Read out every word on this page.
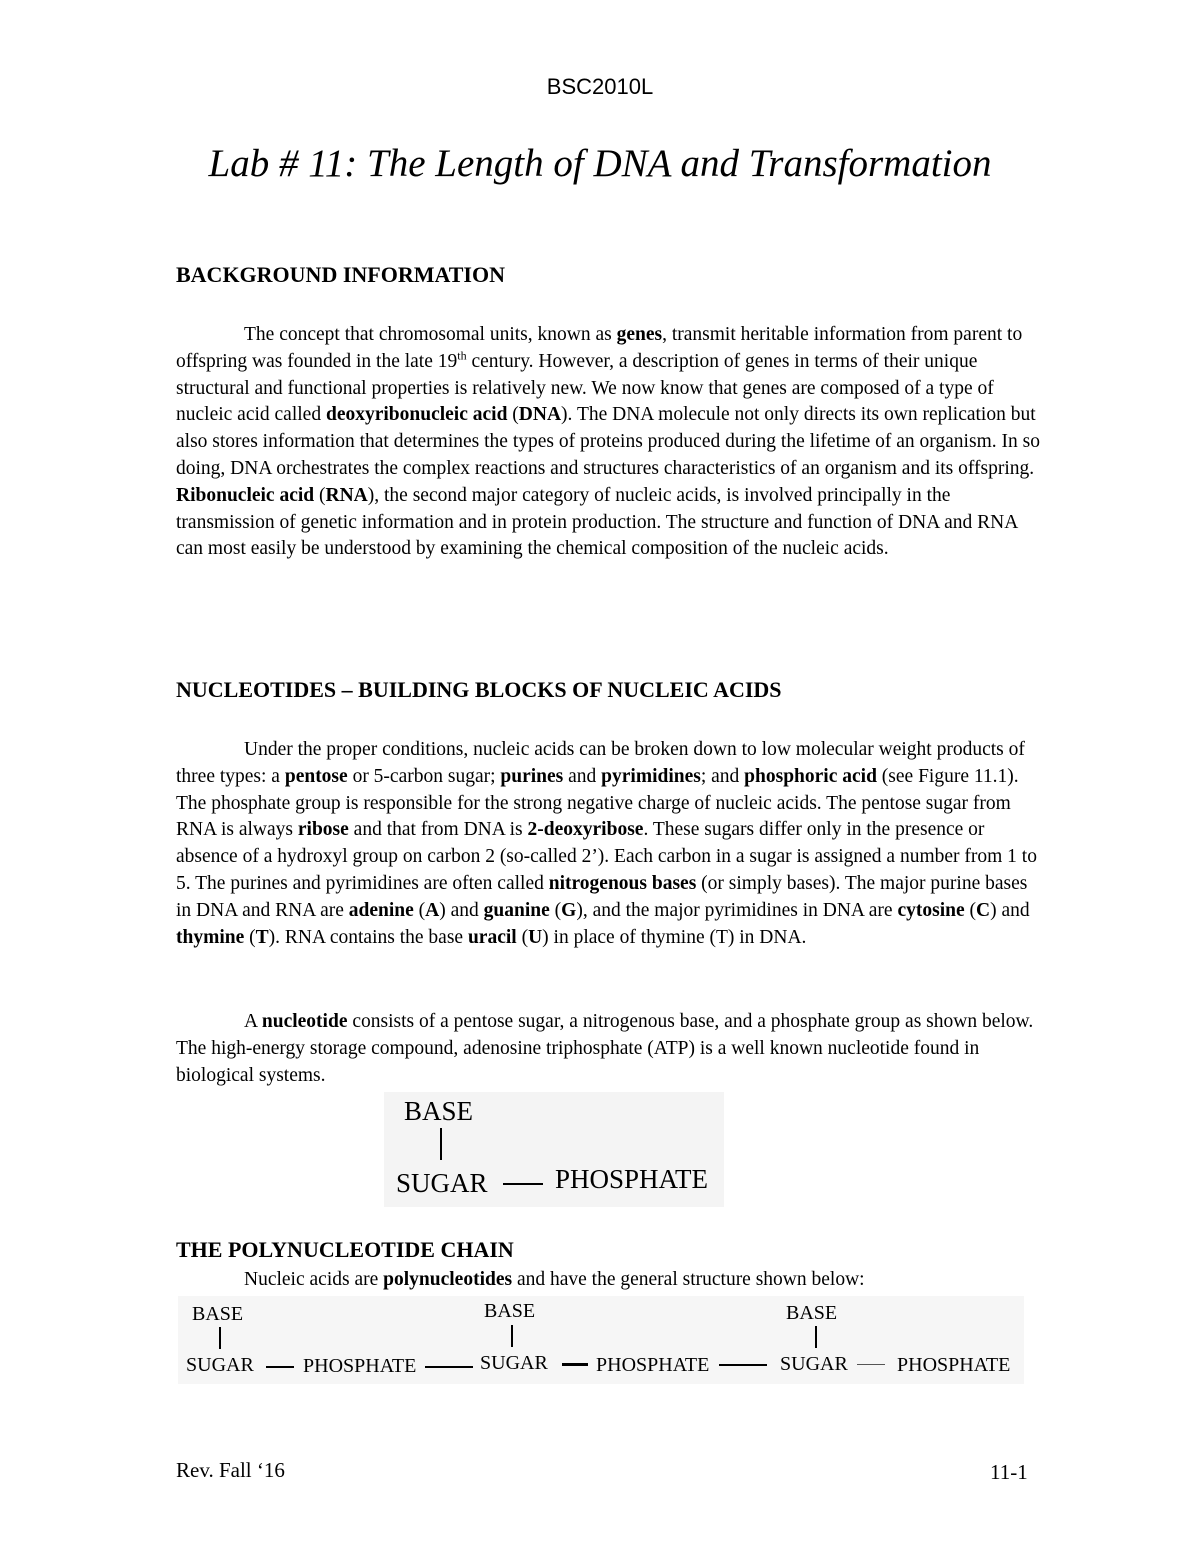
BSC2010L
Lab # 11: The Length of DNA and Transformation
BACKGROUND INFORMATION

The concept that chromosomal units, known as genes, transmit heritable information from parent to offspring was founded in the late 19th century. However, a description of genes in terms of their unique structural and functional properties is relatively new. We now know that genes are composed of a type of nucleic acid called deoxyribonucleic acid (DNA). The DNA molecule not only directs its own replication but also stores information that determines the types of proteins produced during the lifetime of an organism. In so doing, DNA orchestrates the complex reactions and structures characteristics of an organism and its offspring. Ribonucleic acid (RNA), the second major category of nucleic acids, is involved principally in the transmission of genetic information and in protein production. The structure and function of DNA and RNA can most easily be understood by examining the chemical composition of the nucleic acids.

NUCLEOTIDES – BUILDING BLOCKS OF NUCLEIC ACIDS

Under the proper conditions, nucleic acids can be broken down to low molecular weight products of three types: a pentose or 5-carbon sugar; purines and pyrimidines; and phosphoric acid (see Figure 11.1). The phosphate group is responsible for the strong negative charge of nucleic acids. The pentose sugar from RNA is always ribose and that from DNA is 2-deoxyribose. These sugars differ only in the presence or absence of a hydroxyl group on carbon 2 (so-called 2’). Each carbon in a sugar is assigned a number from 1 to 5. The purines and pyrimidines are often called nitrogenous bases (or simply bases). The major purine bases in DNA and RNA are adenine (A) and guanine (G), and the major pyrimidines in DNA are cytosine (C) and thymine (T). RNA contains the base uracil (U) in place of thymine (T) in DNA.

A nucleotide consists of a pentose sugar, a nitrogenous base, and a phosphate group as shown below. The high-energy storage compound, adenosine triphosphate (ATP) is a well known nucleotide found in biological systems.

BASE
SUGAR PHOSPHATE
THE POLYNUCLEOTIDE CHAIN

Nucleic acids are polynucleotides and have the general structure shown below:

BASE
SUGAR PHOSPHATE
BASE
SUGAR PHOSPHATE
BASE
SUGAR PHOSPHATE
Rev. Fall ‘16	11-1
